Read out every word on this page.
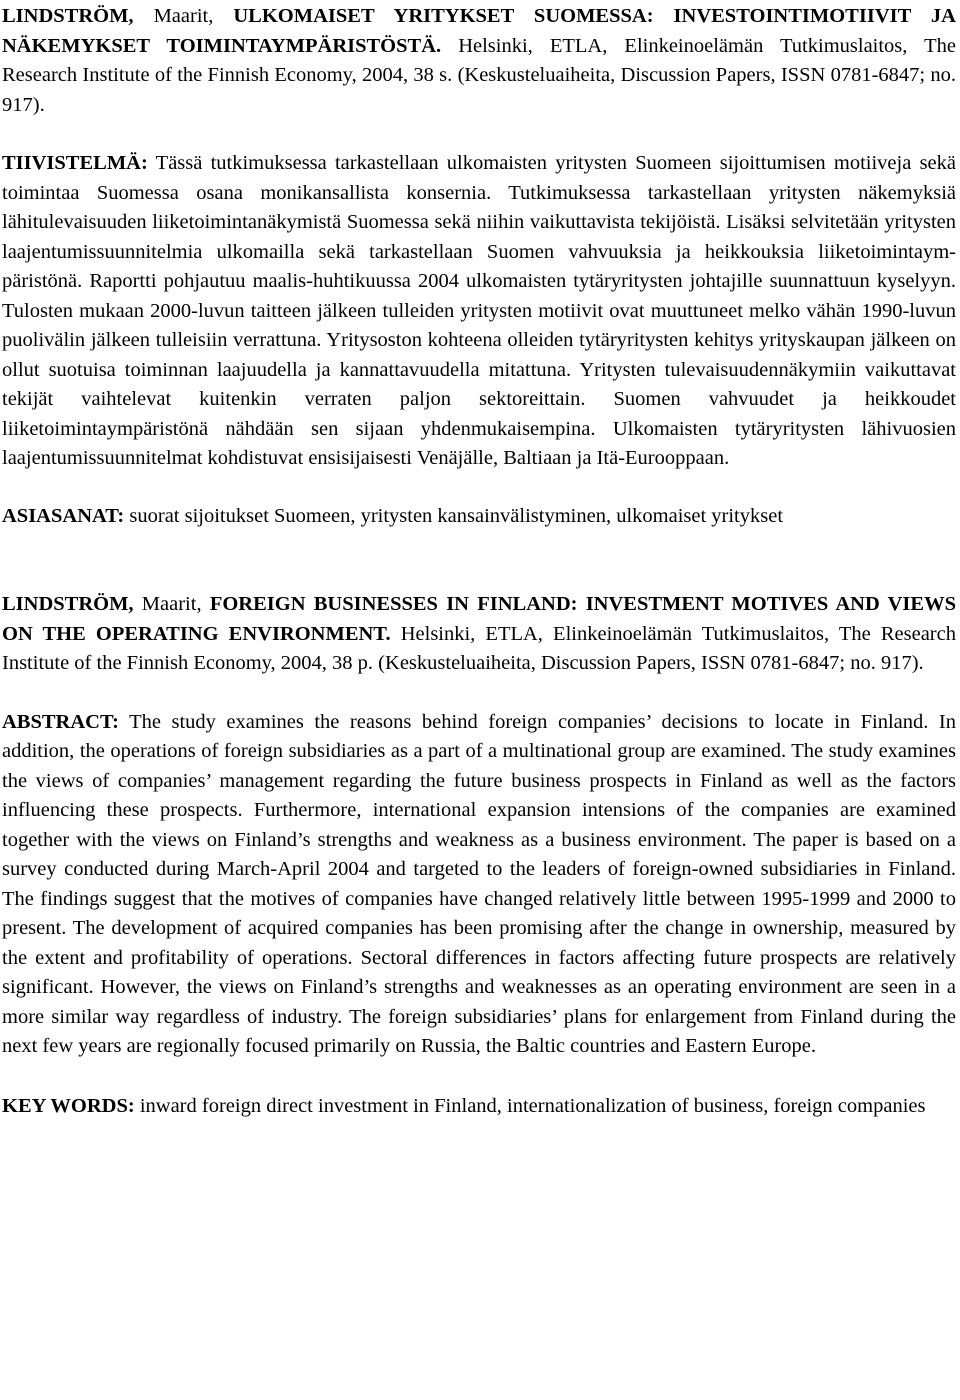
LINDSTRÖM, Maarit, ULKOMAISET YRITYKSET SUOMESSA: INVESTOINTIMOTIIVIT JA NÄKEMYKSET TOIMINTAYMPÄRISTÖSTÄ. Helsinki, ETLA, Elinkeinoelämän Tutkimuslaitos, The Research Institute of the Finnish Economy, 2004, 38 s. (Keskusteluaiheita, Discussion Papers, ISSN 0781-6847; no. 917).

TIIVISTELMÄ: Tässä tutkimuksessa tarkastellaan ulkomaisten yritysten Suomeen sijoittumisen motiiveja sekä toimintaa Suomessa osana monikansallista konsernia. Tutkimuksessa tarkastellaan yritysten näkemyksiä lähitulevaisuuden liiketoimintanäkymistä Suomessa sekä niihin vaikuttavista tekijöistä. Lisäksi selvitetään yritysten laajentumissuunnitelmia ulkomailla sekä tarkastellaan Suomen vahvuuksia ja heikkouksia liiketoimintaympäristönä. Raportti pohjautuu maalis-huhtikuussa 2004 ulkomaisten tytäryritysten johtajille suunnattuun kyselyyn. Tulosten mukaan 2000-luvun taitteen jälkeen tulleiden yritysten motiivit ovat muuttuneet melko vähän 1990-luvun puolivälin jälkeen tulleisiin verrattuna. Yritysoston kohteena olleiden tytäryritysten kehitys yrityskaupan jälkeen on ollut suotuisa toiminnan laajuudella ja kannattavuudella mitattuna. Yritysten tulevaisuudennäkymiin vaikuttavat tekijät vaihtelevat kuitenkin verraten paljon sektoreittain. Suomen vahvuudet ja heikkoudet liiketoimintaympäristönä nähdään sen sijaan yhdenmukaisempina. Ulkomaisten tytäryritysten lähivuosien laajentumissuunnitelmat kohdistuvat ensisijaisesti Venäjälle, Baltiaan ja Itä-Eurooppaan.

ASIASANAT: suorat sijoitukset Suomeen, yritysten kansainvälistyminen, ulkomaiset yritykset

LINDSTRÖM, Maarit, FOREIGN BUSINESSES IN FINLAND: INVESTMENT MOTIVES AND VIEWS ON THE OPERATING ENVIRONMENT. Helsinki, ETLA, Elinkeinoelämän Tutkimuslaitos, The Research Institute of the Finnish Economy, 2004, 38 p. (Keskusteluaiheita, Discussion Papers, ISSN 0781-6847; no. 917).

ABSTRACT: The study examines the reasons behind foreign companies’ decisions to locate in Finland. In addition, the operations of foreign subsidiaries as a part of a multinational group are examined. The study examines the views of companies’ management regarding the future business prospects in Finland as well as the factors influencing these prospects. Furthermore, international expansion intensions of the companies are examined together with the views on Finland’s strengths and weakness as a business environment. The paper is based on a survey conducted during March-April 2004 and targeted to the leaders of foreign-owned subsidiaries in Finland. The findings suggest that the motives of companies have changed relatively little between 1995-1999 and 2000 to present. The development of acquired companies has been promising after the change in ownership, measured by the extent and profitability of operations. Sectoral differences in factors affecting future prospects are relatively significant. However, the views on Finland’s strengths and weaknesses as an operating environment are seen in a more similar way regardless of industry. The foreign subsidiaries’ plans for enlargement from Finland during the next few years are regionally focused primarily on Russia, the Baltic countries and Eastern Europe.

KEY WORDS: inward foreign direct investment in Finland, internationalization of business, foreign companies
